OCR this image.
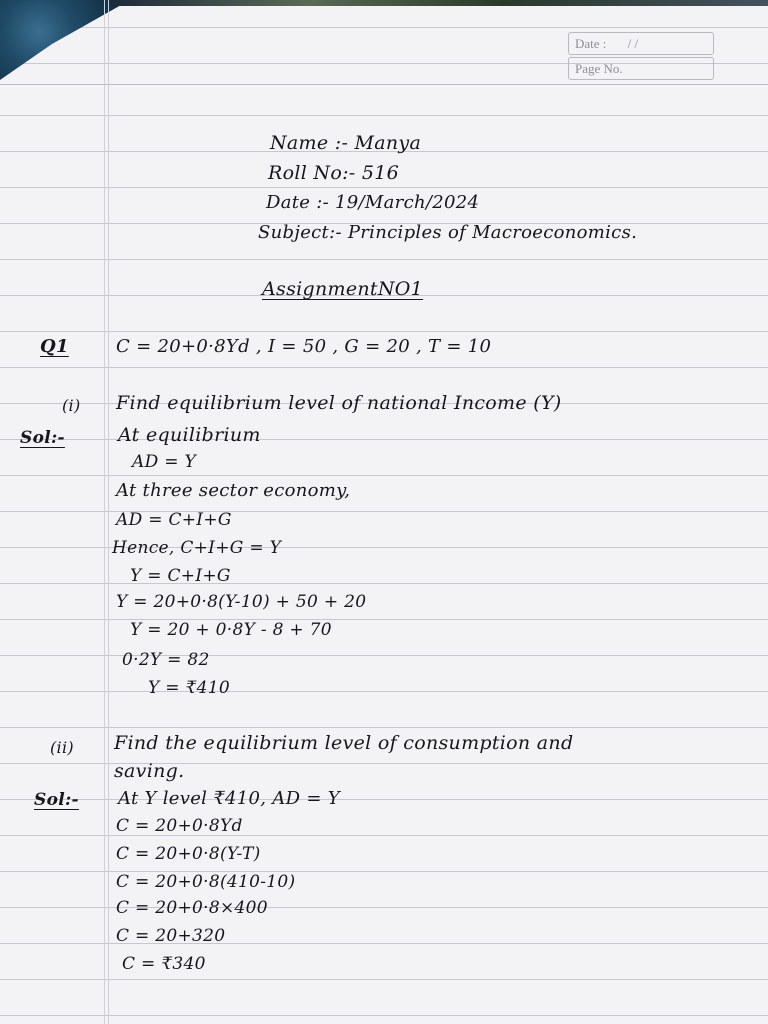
Date : / /
Page No.
Name :- Manya
Roll No:- 516
Date :- 19/March/2024
Subject:- Principles of Macroeconomics.
AssignmentNO1
Q1	C = 20+0·8Yd , I = 50 , G = 20 , T = 10
(i) Find equilibrium level of national Income (Y)
Sol:-	At equilibrium
AD = Y
At three sector economy,
AD = C+I+G
Hence, C+I+G = Y
Y = C+I+G
Y = 20+0·8(Y-10) + 50 + 20
Y = 20 + 0·8Y - 8 + 70
0·2Y = 82
Y = ₹410
(ii) Find the equilibrium level of consumption and
saving.
Sol:- At Y level ₹410, AD = Y
C = 20+0·8Yd
C = 20+0·8(Y-T)
C = 20+0·8(410-10)
C = 20+0·8×400
C = 20+320
C = ₹340
